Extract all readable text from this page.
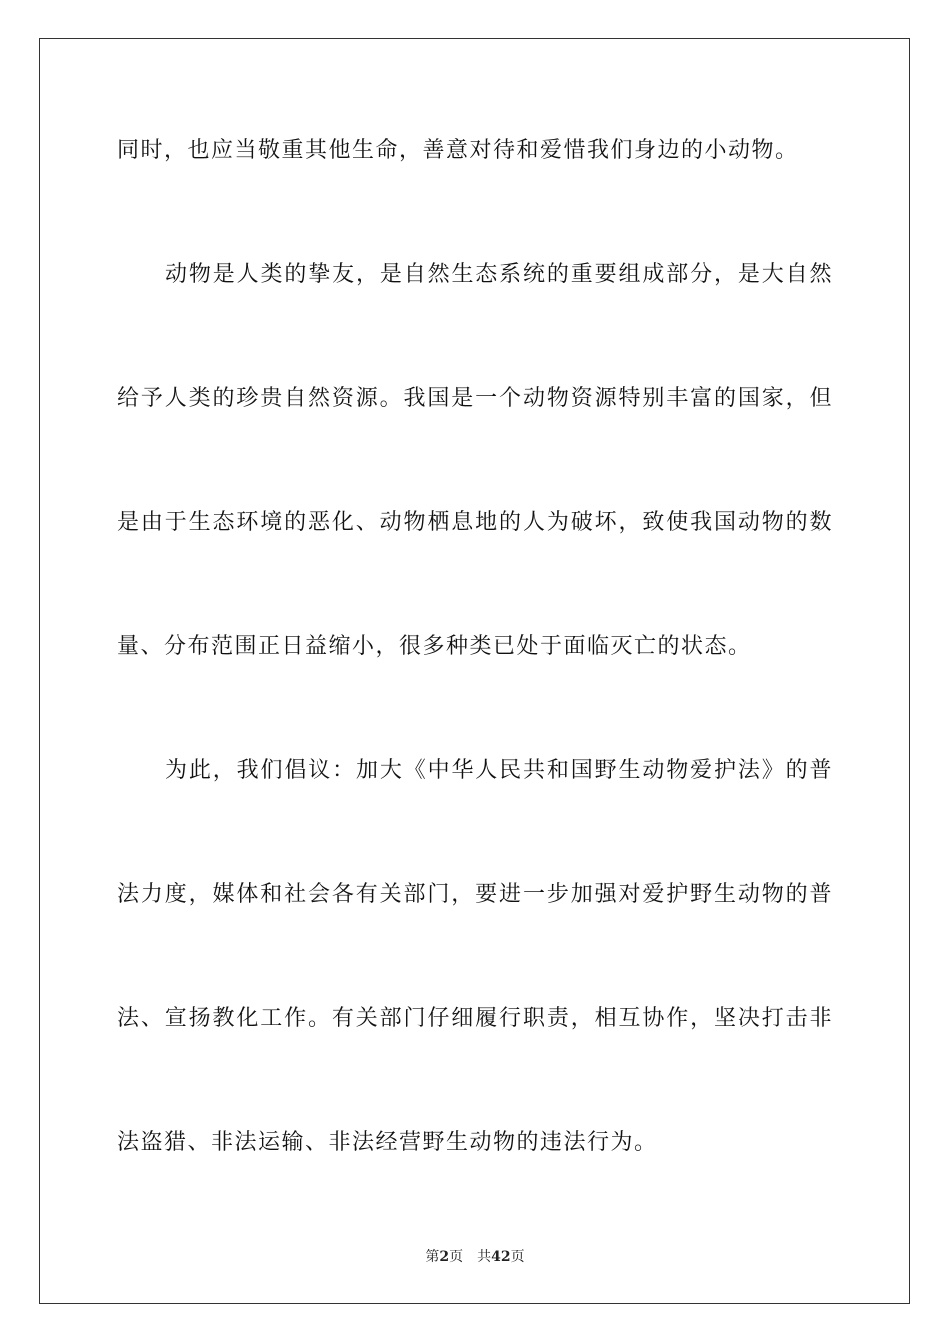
同时，也应当敬重其他生命，善意对待和爱惜我们身边的小动物。
动物是人类的挚友，是自然生态系统的重要组成部分，是大自然
给予人类的珍贵自然资源。我国是一个动物资源特别丰富的国家，但
是由于生态环境的恶化、动物栖息地的人为破坏，致使我国动物的数
量、分布范围正日益缩小，很多种类已处于面临灭亡的状态。
为此，我们倡议：加大《中华人民共和国野生动物爱护法》的普
法力度，媒体和社会各有关部门，要进一步加强对爱护野生动物的普
法、宣扬教化工作。有关部门仔细履行职责，相互协作，坚决打击非
法盗猎、非法运输、非法经营野生动物的违法行为。
第2页 共42页
